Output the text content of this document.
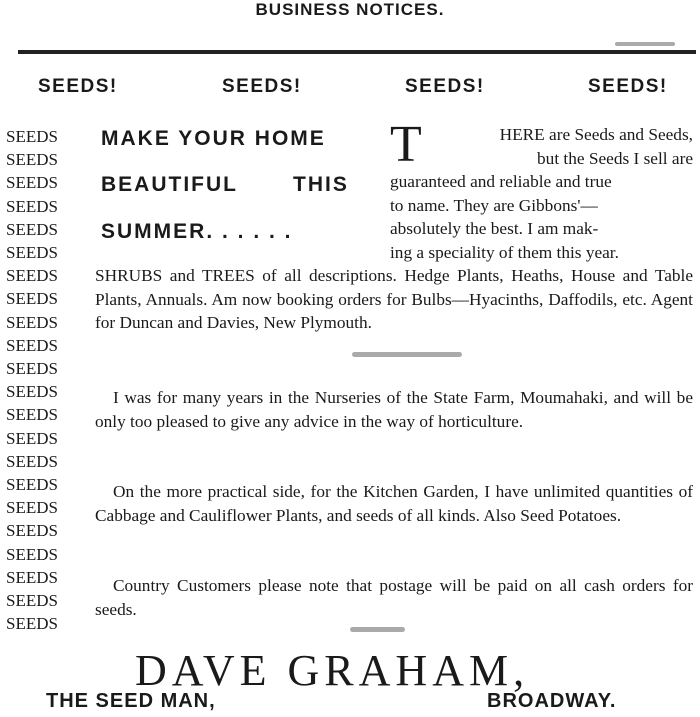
BUSINESS NOTICES.
SEEDS!	SEEDS!	SEEDS!	SEEDS!
SEEDS
SEEDS
SEEDS
SEEDS
SEEDS
SEEDS
SEEDS
SEEDS
SEEDS
SEEDS
SEEDS
SEEDS
SEEDS
SEEDS
SEEDS
SEEDS
SEEDS
SEEDS
SEEDS
SEEDS
SEEDS
SEEDS
MAKE YOUR HOME
BEAUTIFUL	THIS
SUMMER. . . . . .
T	HERE are Seeds and Seeds,
but the Seeds I sell are
guaranteed and reliable and true
to name. They are Gibbons'—
absolutely the best. I am mak-
ing a speciality of them this year.
SHRUBS and TREES of all descriptions. Hedge Plants, Heaths, House and Table Plants, Annuals. Am now booking orders for Bulbs—Hyacinths, Daffodils, etc. Agent for Duncan and Davies, New Plymouth.
I was for many years in the Nurseries of the State Farm, Moumahaki, and will be only too pleased to give any advice in the way of horticulture.
On the more practical side, for the Kitchen Garden, I have unlimited quantities of Cabbage and Cauliflower Plants, and seeds of all kinds. Also Seed Potatoes.
Country Customers please note that postage will be paid on all cash orders for seeds.
DAVE GRAHAM,
THE SEED MAN,	BROADWAY.
